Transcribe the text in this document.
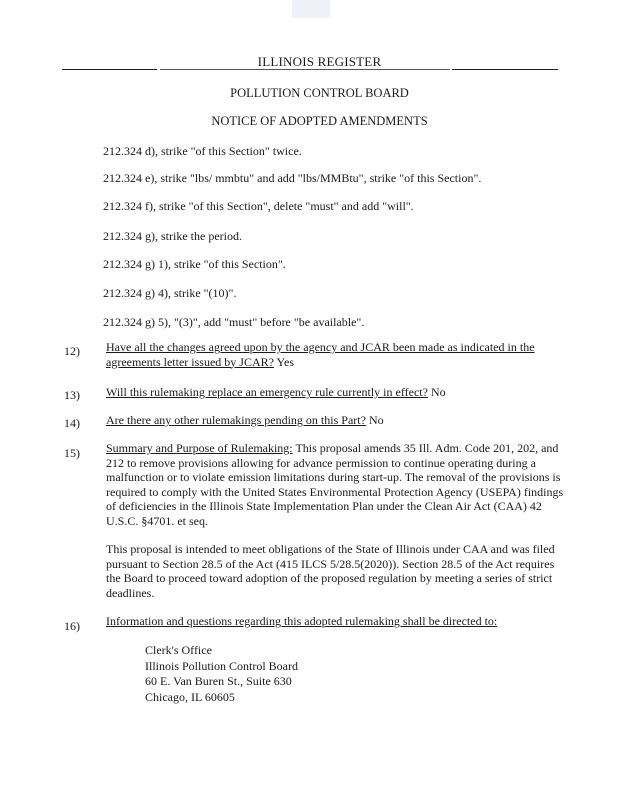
ILLINOIS REGISTER
POLLUTION CONTROL BOARD
NOTICE OF ADOPTED AMENDMENTS
212.324 d), strike "of this Section" twice.
212.324 e), strike "lbs/ mmbtu" and add "lbs/MMBtu", strike "of this Section".
212.324 f), strike "of this Section", delete "must" and add "will".
212.324 g), strike the period.
212.324 g) 1), strike "of this Section".
212.324 g) 4), strike "(10)".
212.324 g) 5), "(3)", add "must" before "be available".
12) Have all the changes agreed upon by the agency and JCAR been made as indicated in the agreements letter issued by JCAR? Yes
13) Will this rulemaking replace an emergency rule currently in effect? No
14) Are there any other rulemakings pending on this Part? No
15) Summary and Purpose of Rulemaking: This proposal amends 35 Ill. Adm. Code 201, 202, and 212 to remove provisions allowing for advance permission to continue operating during a malfunction or to violate emission limitations during start-up. The removal of the provisions is required to comply with the United States Environmental Protection Agency (USEPA) findings of deficiencies in the Illinois State Implementation Plan under the Clean Air Act (CAA) 42 U.S.C. §4701. et seq.
This proposal is intended to meet obligations of the State of Illinois under CAA and was filed pursuant to Section 28.5 of the Act (415 ILCS 5/28.5(2020)). Section 28.5 of the Act requires the Board to proceed toward adoption of the proposed regulation by meeting a series of strict deadlines.
16) Information and questions regarding this adopted rulemaking shall be directed to:
Clerk's Office
Illinois Pollution Control Board
60 E. Van Buren St., Suite 630
Chicago, IL 60605
